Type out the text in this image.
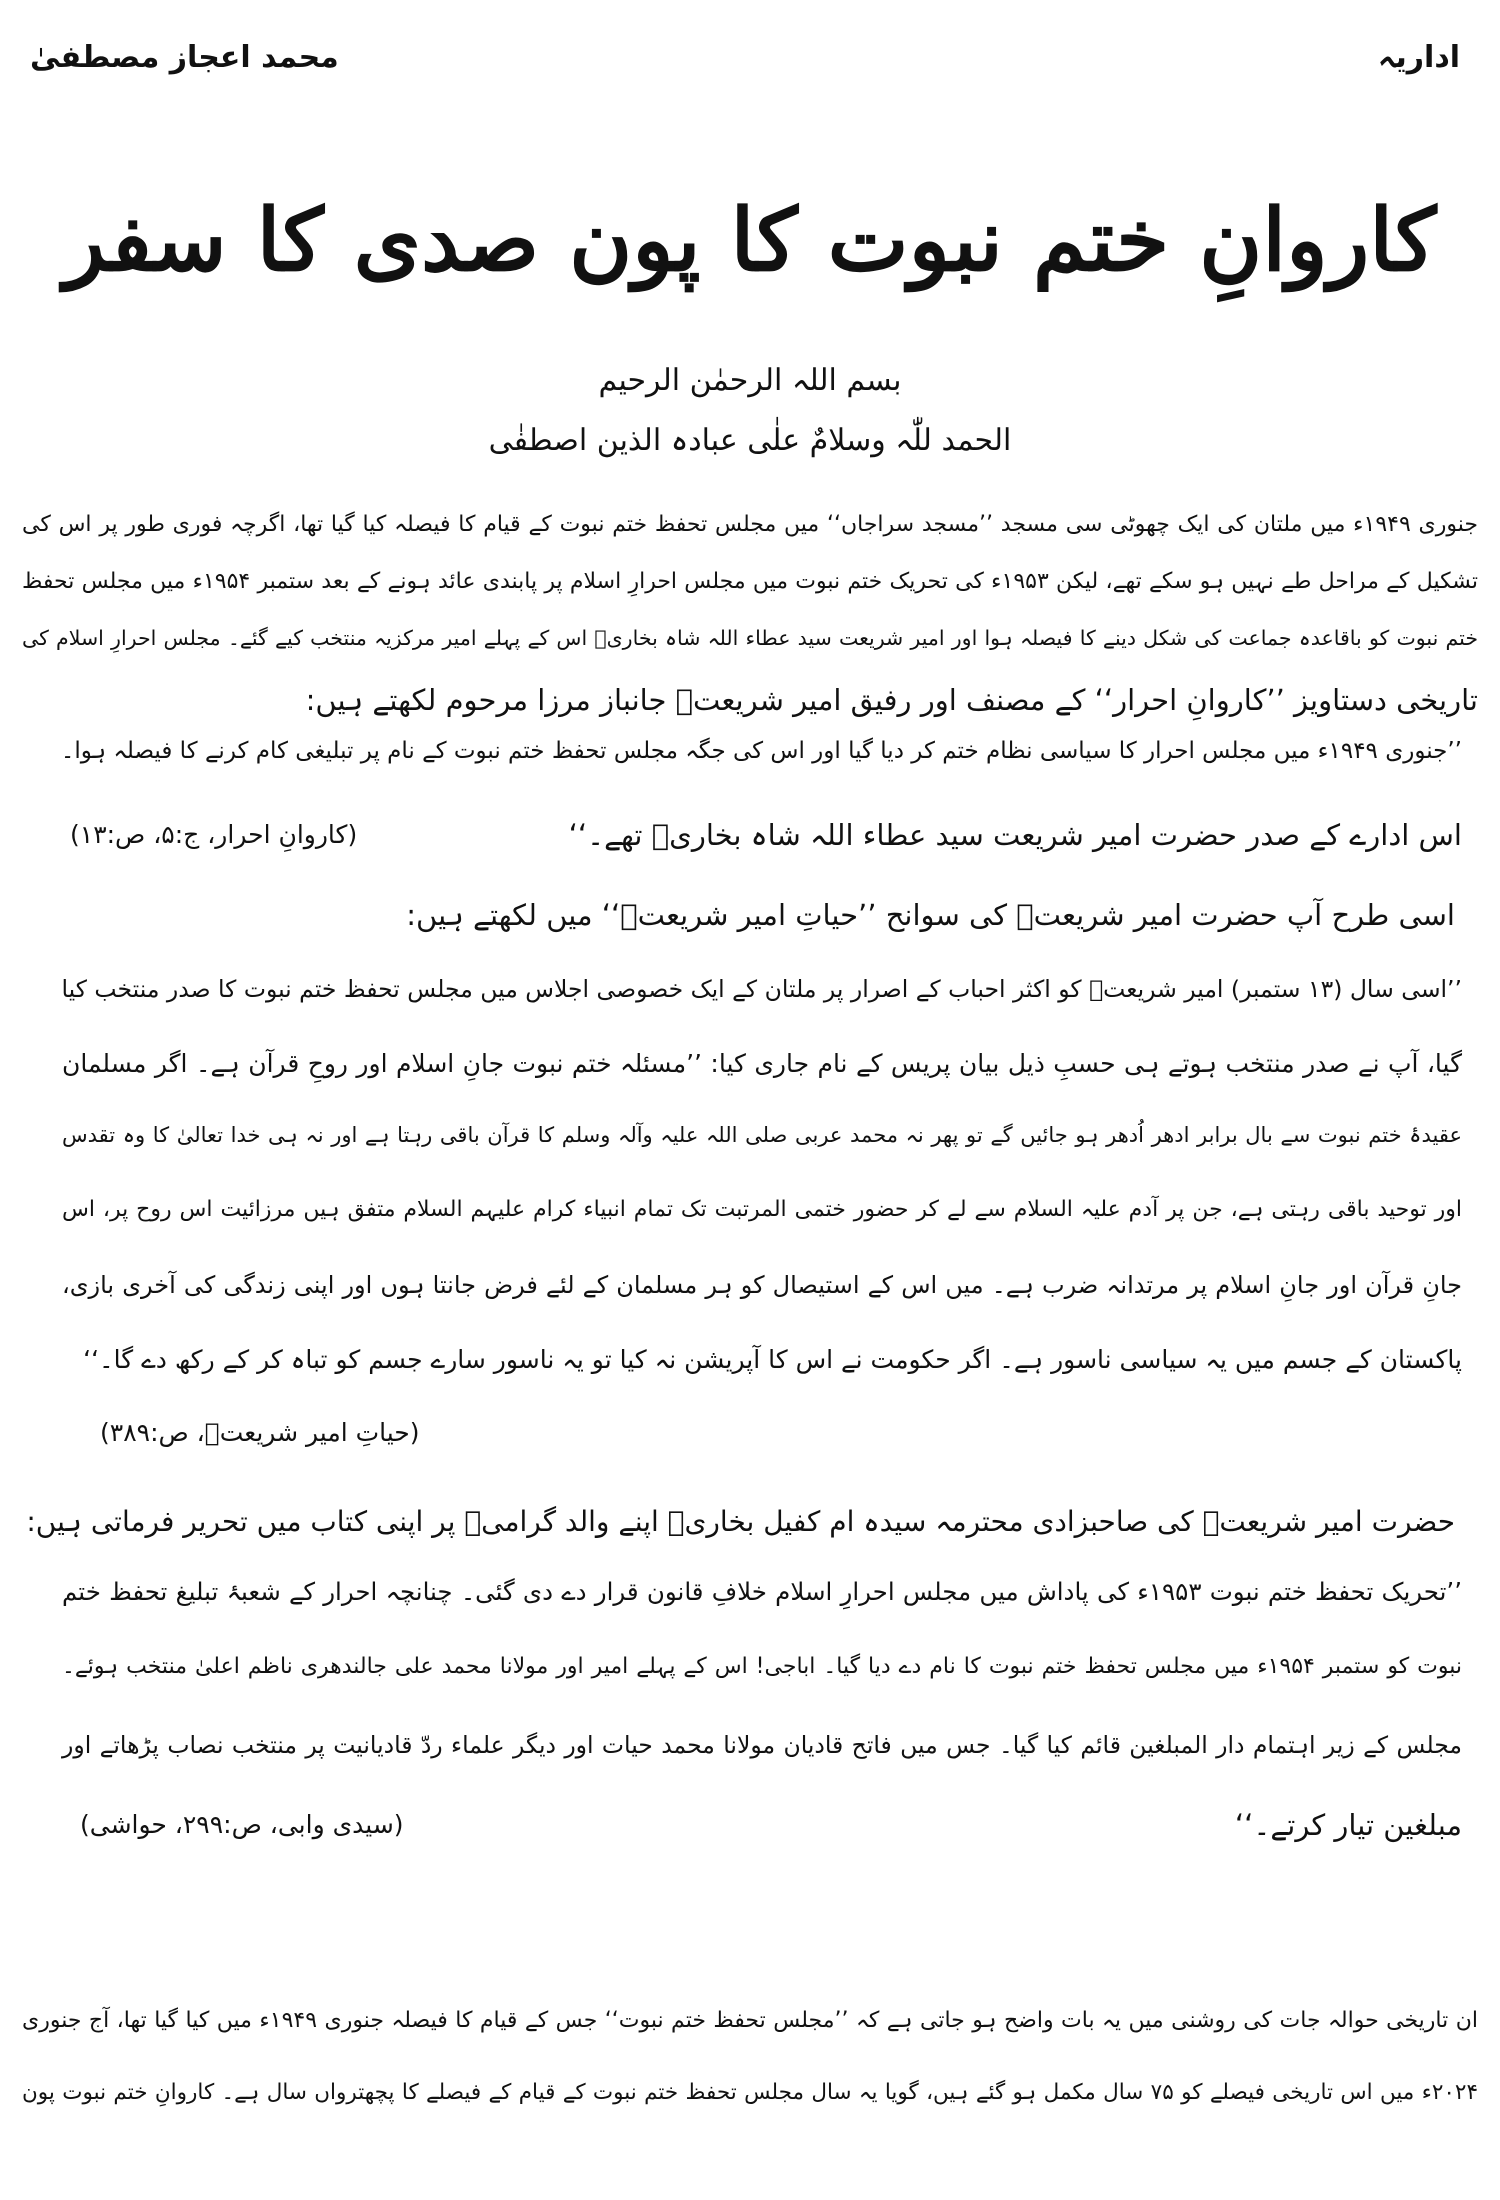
اداریہ
محمد اعجاز مصطفیٰ
کاروانِ ختم نبوت کا پون صدی کا سفر
بسم اللہ الرحمٰن الرحیم
الحمد للّٰہ وسلامٌ علٰی عبادہ الذین اصطفٰی
جنوری ۱۹۴۹ء میں ملتان کی ایک چھوٹی سی مسجد ’’مسجد سراجاں‘‘ میں مجلس تحفظ ختم نبوت کے قیام کا فیصلہ کیا گیا تھا، اگرچہ فوری طور پر اس کی
تشکیل کے مراحل طے نہیں ہو سکے تھے، لیکن ۱۹۵۳ء کی تحریک ختم نبوت میں مجلس احرارِ اسلام پر پابندی عائد ہونے کے بعد ستمبر ۱۹۵۴ء میں مجلس تحفظ
ختم نبوت کو باقاعدہ جماعت کی شکل دینے کا فیصلہ ہوا اور امیر شریعت سید عطاء اللہ شاہ بخاریؒ اس کے پہلے امیر مرکزیہ منتخب کیے گئے۔ مجلس احرارِ اسلام کی
تاریخی دستاویز ’’کاروانِ احرار‘‘ کے مصنف اور رفیق امیر شریعتؒ جانباز مرزا مرحوم لکھتے ہیں:
’’جنوری ۱۹۴۹ء میں مجلس احرار کا سیاسی نظام ختم کر دیا گیا اور اس کی جگہ مجلس تحفظ ختم نبوت کے نام پر تبلیغی کام کرنے کا فیصلہ ہوا۔
اس ادارے کے صدر حضرت امیر شریعت سید عطاء اللہ شاہ بخاریؒ تھے۔‘‘
(کاروانِ احرار، ج:۵، ص:۱۳)
اسی طرح آپ حضرت امیر شریعتؒ کی سوانح ’’حیاتِ امیر شریعتؒ‘‘ میں لکھتے ہیں:
’’اسی سال (۱۳ ستمبر) امیر شریعتؒ کو اکثر احباب کے اصرار پر ملتان کے ایک خصوصی اجلاس میں مجلس تحفظ ختم نبوت کا صدر منتخب کیا
گیا، آپ نے صدر منتخب ہوتے ہی حسبِ ذیل بیان پریس کے نام جاری کیا: ’’مسئلہ ختم نبوت جانِ اسلام اور روحِ قرآن ہے۔ اگر مسلمان
عقیدۂ ختم نبوت سے بال برابر ادھر اُدھر ہو جائیں گے تو پھر نہ محمد عربی صلی اللہ علیہ وآلہ وسلم کا قرآن باقی رہتا ہے اور نہ ہی خدا تعالیٰ کا وہ تقدس
اور توحید باقی رہتی ہے، جن پر آدم علیہ السلام سے لے کر حضور ختمی المرتبت تک تمام انبیاء کرام علیہم السلام متفق ہیں مرزائیت اس روح پر، اس
جانِ قرآن اور جانِ اسلام پر مرتدانہ ضرب ہے۔ میں اس کے استیصال کو ہر مسلمان کے لئے فرض جانتا ہوں اور اپنی زندگی کی آخری بازی،
پاکستان کے جسم میں یہ سیاسی ناسور ہے۔ اگر حکومت نے اس کا آپریشن نہ کیا تو یہ ناسور سارے جسم کو تباہ کر کے رکھ دے گا۔‘‘
(حیاتِ امیر شریعتؒ، ص:۳۸۹)
حضرت امیر شریعتؒ کی صاحبزادی محترمہ سیدہ ام کفیل بخاریؒ اپنے والد گرامیؒ پر اپنی کتاب میں تحریر فرماتی ہیں:
’’تحریک تحفظ ختم نبوت ۱۹۵۳ء کی پاداش میں مجلس احرارِ اسلام خلافِ قانون قرار دے دی گئی۔ چنانچہ احرار کے شعبۂ تبلیغ تحفظ ختم
نبوت کو ستمبر ۱۹۵۴ء میں مجلس تحفظ ختم نبوت کا نام دے دیا گیا۔ اباجی! اس کے پہلے امیر اور مولانا محمد علی جالندھری ناظم اعلیٰ منتخب ہوئے۔
مجلس کے زیر اہتمام دار المبلغین قائم کیا گیا۔ جس میں فاتح قادیان مولانا محمد حیات اور دیگر علماء ردّ قادیانیت پر منتخب نصاب پڑھاتے اور
مبلغین تیار کرتے۔‘‘
(سیدی وابی، ص:۲۹۹، حواشی)
ان تاریخی حوالہ جات کی روشنی میں یہ بات واضح ہو جاتی ہے کہ ’’مجلس تحفظ ختم نبوت‘‘ جس کے قیام کا فیصلہ جنوری ۱۹۴۹ء میں کیا گیا تھا، آج جنوری
۲۰۲۴ء میں اس تاریخی فیصلے کو ۷۵ سال مکمل ہو گئے ہیں، گویا یہ سال مجلس تحفظ ختم نبوت کے قیام کے فیصلے کا پچھترواں سال ہے۔ کاروانِ ختم نبوت پون
